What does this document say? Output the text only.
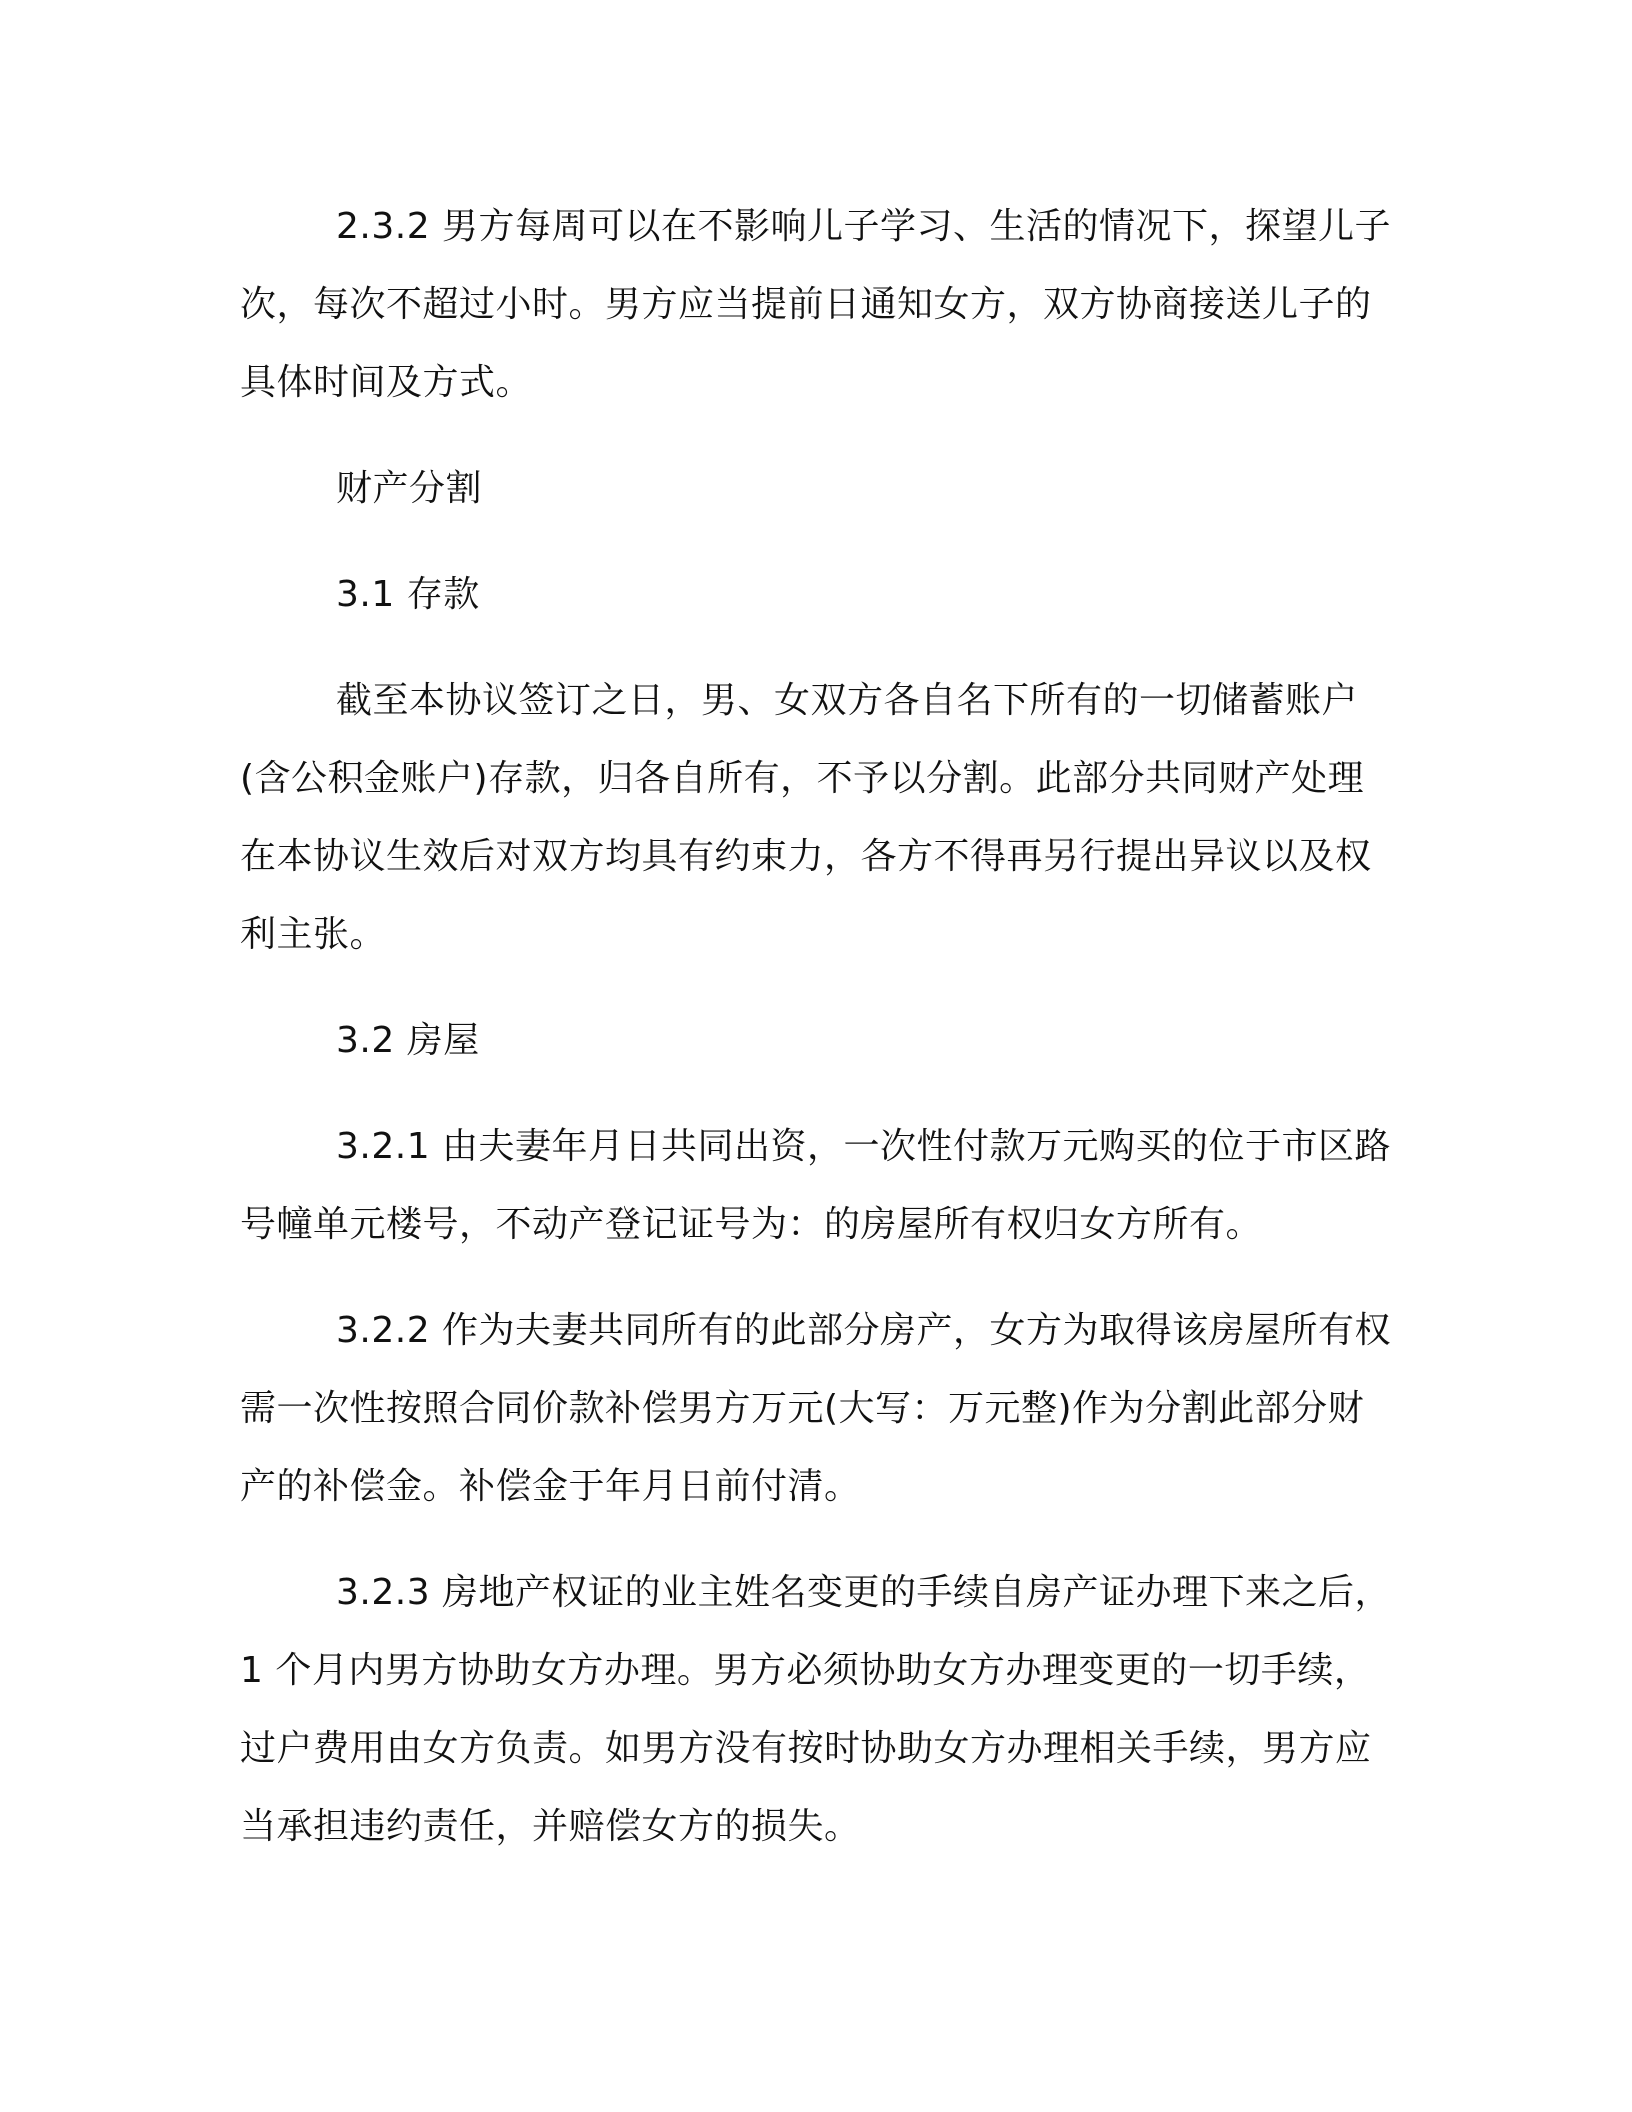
2.3.2 男方每周可以在不影响儿子学习、生活的情况下，探望儿子次，每次不超过小时。男方应当提前日通知女方，双方协商接送儿子的具体时间及方式。

财产分割

3.1 存款

截至本协议签订之日，男、女双方各自名下所有的一切储蓄账户(含公积金账户)存款，归各自所有，不予以分割。此部分共同财产处理在本协议生效后对双方均具有约束力，各方不得再另行提出异议以及权利主张。

3.2 房屋

3.2.1 由夫妻年月日共同出资，一次性付款万元购买的位于市区路号幢单元楼号，不动产登记证号为：的房屋所有权归女方所有。

3.2.2 作为夫妻共同所有的此部分房产，女方为取得该房屋所有权需一次性按照合同价款补偿男方万元(大写：万元整)作为分割此部分财产的补偿金。补偿金于年月日前付清。

3.2.3 房地产权证的业主姓名变更的手续自房产证办理下来之后，1 个月内男方协助女方办理。男方必须协助女方办理变更的一切手续，过户费用由女方负责。如男方没有按时协助女方办理相关手续，男方应当承担违约责任，并赔偿女方的损失。
